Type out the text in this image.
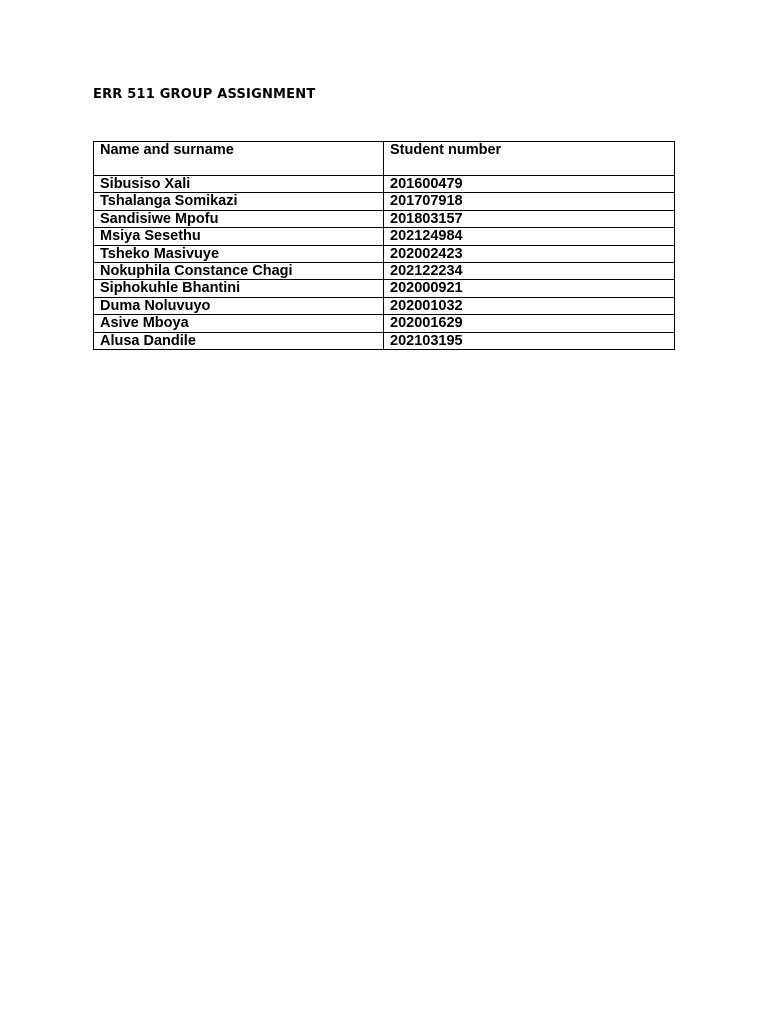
ERR 511 GROUP ASSIGNMENT
Name and surname	Student number
Sibusiso Xali	201600479
Tshalanga Somikazi	201707918
Sandisiwe Mpofu	201803157
Msiya Sesethu	202124984
Tsheko Masivuye	202002423
Nokuphila Constance Chagi	202122234
Siphokuhle Bhantini	202000921
Duma Noluvuyo	202001032
Asive Mboya	202001629
Alusa Dandile	202103195
